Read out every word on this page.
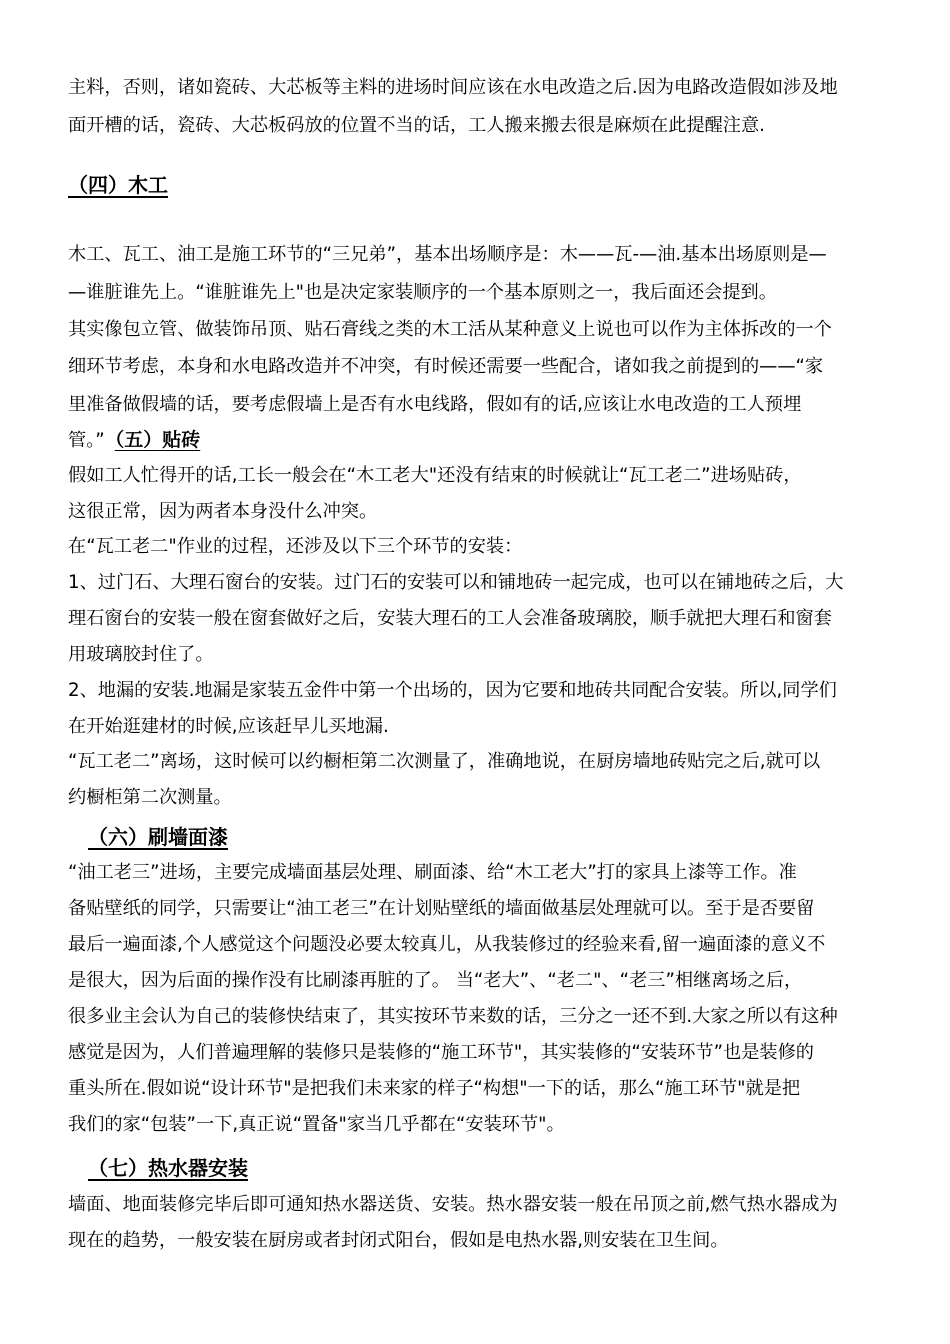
主料，否则，诸如瓷砖、大芯板等主料的进场时间应该在水电改造之后.因为电路改造假如涉及地
面开槽的话，瓷砖、大芯板码放的位置不当的话，工人搬来搬去很是麻烦在此提醒注意.
（四）木工
木工、瓦工、油工是施工环节的“三兄弟”，基本出场顺序是：木——瓦-—油.基本出场原则是—
—谁脏谁先上。“谁脏谁先上"也是决定家装顺序的一个基本原则之一，我后面还会提到。
其实像包立管、做装饰吊顶、贴石膏线之类的木工活从某种意义上说也可以作为主体拆改的一个
细环节考虑，本身和水电路改造并不冲突，有时候还需要一些配合，诸如我之前提到的——“家
里准备做假墙的话，要考虑假墙上是否有水电线路，假如有的话,应该让水电改造的工人预埋
管。” （五）贴砖
假如工人忙得开的话,工长一般会在“木工老大"还没有结束的时候就让“瓦工老二”进场贴砖，
这很正常，因为两者本身没什么冲突。
在“瓦工老二"作业的过程，还涉及以下三个环节的安装：
1、过门石、大理石窗台的安装。过门石的安装可以和铺地砖一起完成，也可以在铺地砖之后，大
理石窗台的安装一般在窗套做好之后，安装大理石的工人会准备玻璃胶，顺手就把大理石和窗套
用玻璃胶封住了。
2、地漏的安装.地漏是家装五金件中第一个出场的，因为它要和地砖共同配合安装。所以,同学们
在开始逛建材的时候,应该赶早儿买地漏.
“瓦工老二”离场，这时候可以约橱柜第二次测量了，准确地说，在厨房墙地砖贴完之后,就可以
约橱柜第二次测量。
（六）刷墙面漆
“油工老三”进场，主要完成墙面基层处理、刷面漆、给“木工老大”打的家具上漆等工作。准
备贴壁纸的同学，只需要让“油工老三”在计划贴壁纸的墙面做基层处理就可以。至于是否要留
最后一遍面漆,个人感觉这个问题没必要太较真儿，从我装修过的经验来看,留一遍面漆的意义不
是很大，因为后面的操作没有比刷漆再脏的了。 当“老大”、“老二"、“老三”相继离场之后，
很多业主会认为自己的装修快结束了，其实按环节来数的话，三分之一还不到.大家之所以有这种
感觉是因为，人们普遍理解的装修只是装修的“施工环节"，其实装修的“安装环节”也是装修的
重头所在.假如说“设计环节"是把我们未来家的样子“构想"一下的话，那么“施工环节"就是把
我们的家“包装”一下,真正说“置备"家当几乎都在“安装环节"。
（七）热水器安装
墙面、地面装修完毕后即可通知热水器送货、安装。热水器安装一般在吊顶之前,燃气热水器成为
现在的趋势，一般安装在厨房或者封闭式阳台，假如是电热水器,则安装在卫生间。
